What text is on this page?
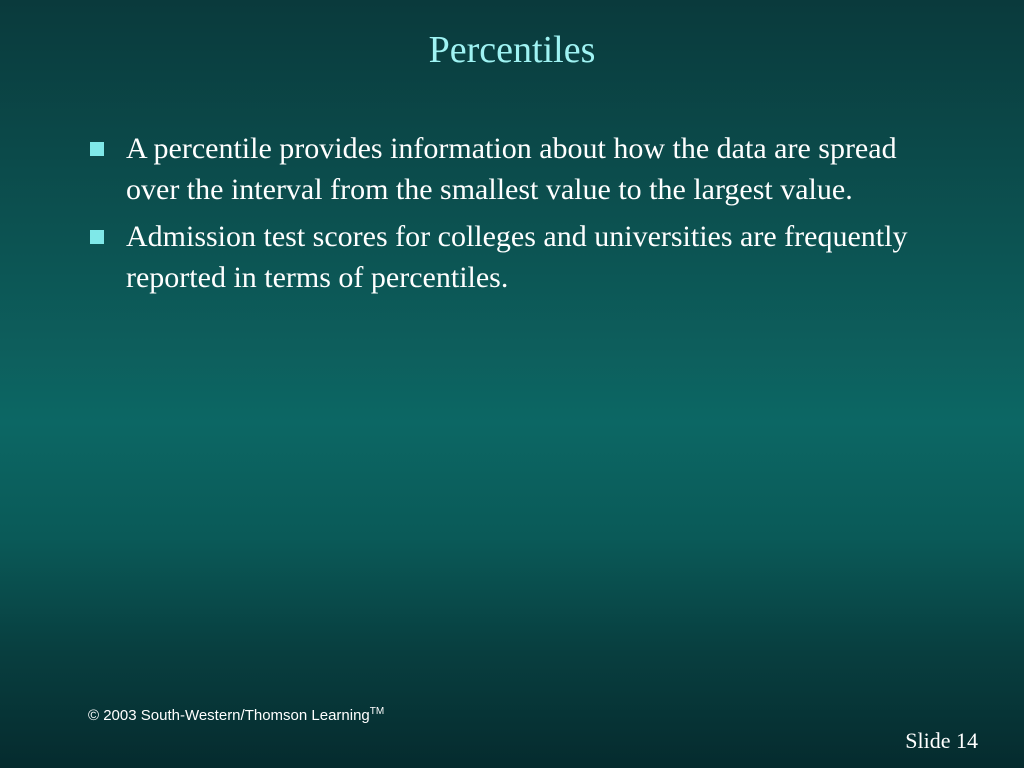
Percentiles
A percentile provides information about how the data are spread over the interval from the smallest value to the largest value.
Admission test scores for colleges and universities are frequently reported in terms of percentiles.
© 2003 South-Western/Thomson Learning™
Slide 14
